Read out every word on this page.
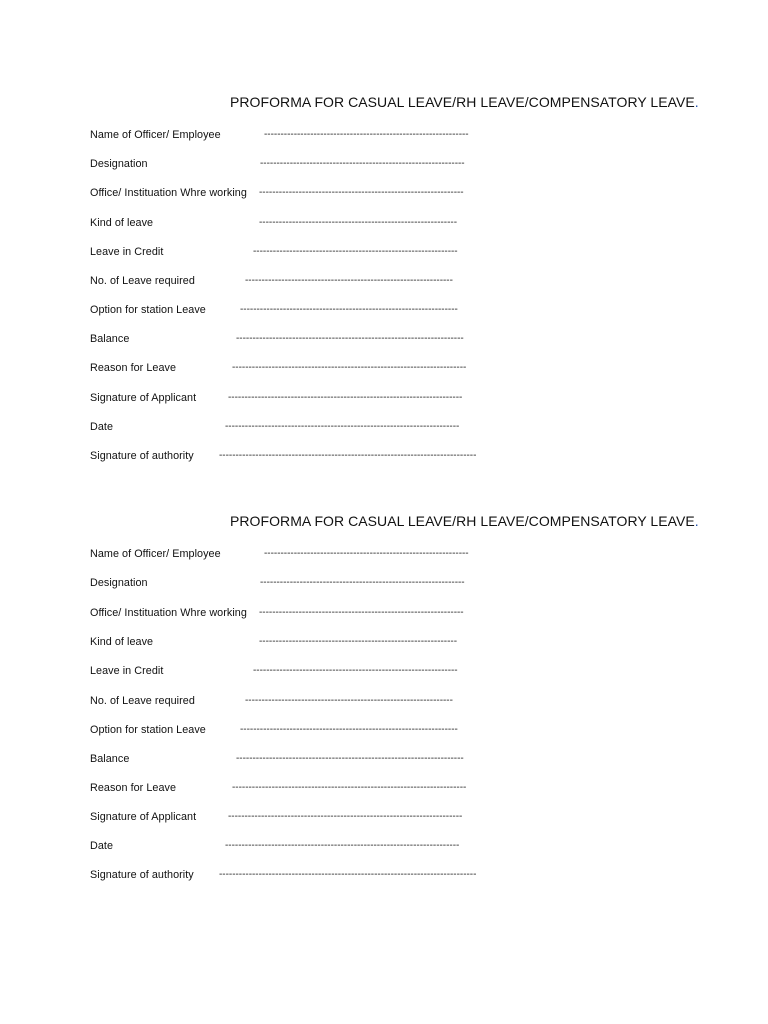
PROFORMA FOR CASUAL LEAVE/RH LEAVE/COMPENSATORY LEAVE.
Name of Officer/ Employee	--------------------------------------------------------------
Designation	--------------------------------------------------------------
Office/ Instituation Whre working --------------------------------------------------------------
Kind of leave	------------------------------------------------------------
Leave in Credit	--------------------------------------------------------------
No. of Leave required	---------------------------------------------------------------
Option for station Leave	------------------------------------------------------------------
Balance	---------------------------------------------------------------------
Reason for Leave	-----------------------------------------------------------------------
Signature of Applicant	-----------------------------------------------------------------------
Date	-----------------------------------------------------------------------
Signature of authority	------------------------------------------------------------------------------
PROFORMA FOR CASUAL LEAVE/RH LEAVE/COMPENSATORY LEAVE.
Name of Officer/ Employee	--------------------------------------------------------------
Designation	--------------------------------------------------------------
Office/ Instituation Whre working --------------------------------------------------------------
Kind of leave	------------------------------------------------------------
Leave in Credit	--------------------------------------------------------------
No. of Leave required	---------------------------------------------------------------
Option for station Leave	------------------------------------------------------------------
Balance	---------------------------------------------------------------------
Reason for Leave	-----------------------------------------------------------------------
Signature of Applicant	-----------------------------------------------------------------------
Date	-----------------------------------------------------------------------
Signature of authority	------------------------------------------------------------------------------
